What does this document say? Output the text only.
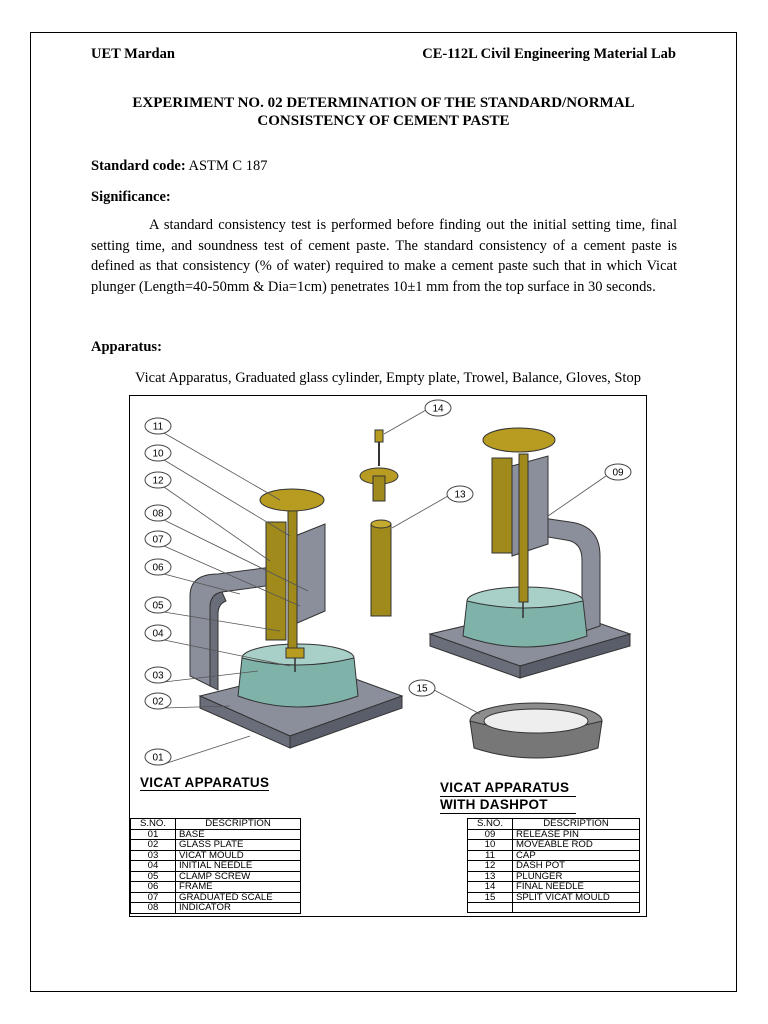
UET Mardan	CE-112L Civil Engineering Material Lab
EXPERIMENT NO. 02 DETERMINATION OF THE STANDARD/NORMAL
CONSISTENCY OF CEMENT PASTE
Standard code: ASTM C 187
Significance:
A standard consistency test is performed before finding out the initial setting time, final setting time, and soundness test of cement paste. The standard consistency of a cement paste is defined as that consistency (% of water) required to make a cement paste such that in which Vicat plunger (Length=40-50mm & Dia=1cm) penetrates 10±1 mm from the top surface in 30 seconds.
Apparatus:
Vicat Apparatus, Graduated glass cylinder, Empty plate, Trowel, Balance, Gloves, Stop
11
10
12
08
07
06
05
04
03
02
01
14
13
09
15
VICAT APPARATUS	VICAT APPARATUS
WITH DASHPOT
S.NO.	DESCRIPTION
01	BASE
02	GLASS PLATE
03	VICAT MOULD
04	INITIAL NEEDLE
05	CLAMP SCREW
06	FRAME
07	GRADUATED SCALE
08	INDICATOR
S.NO.	DESCRIPTION
09	RELEASE PIN
10	MOVEABLE ROD
11	CAP
12	DASH POT
13	PLUNGER
14	FINAL NEEDLE
15	SPLIT VICAT MOULD
